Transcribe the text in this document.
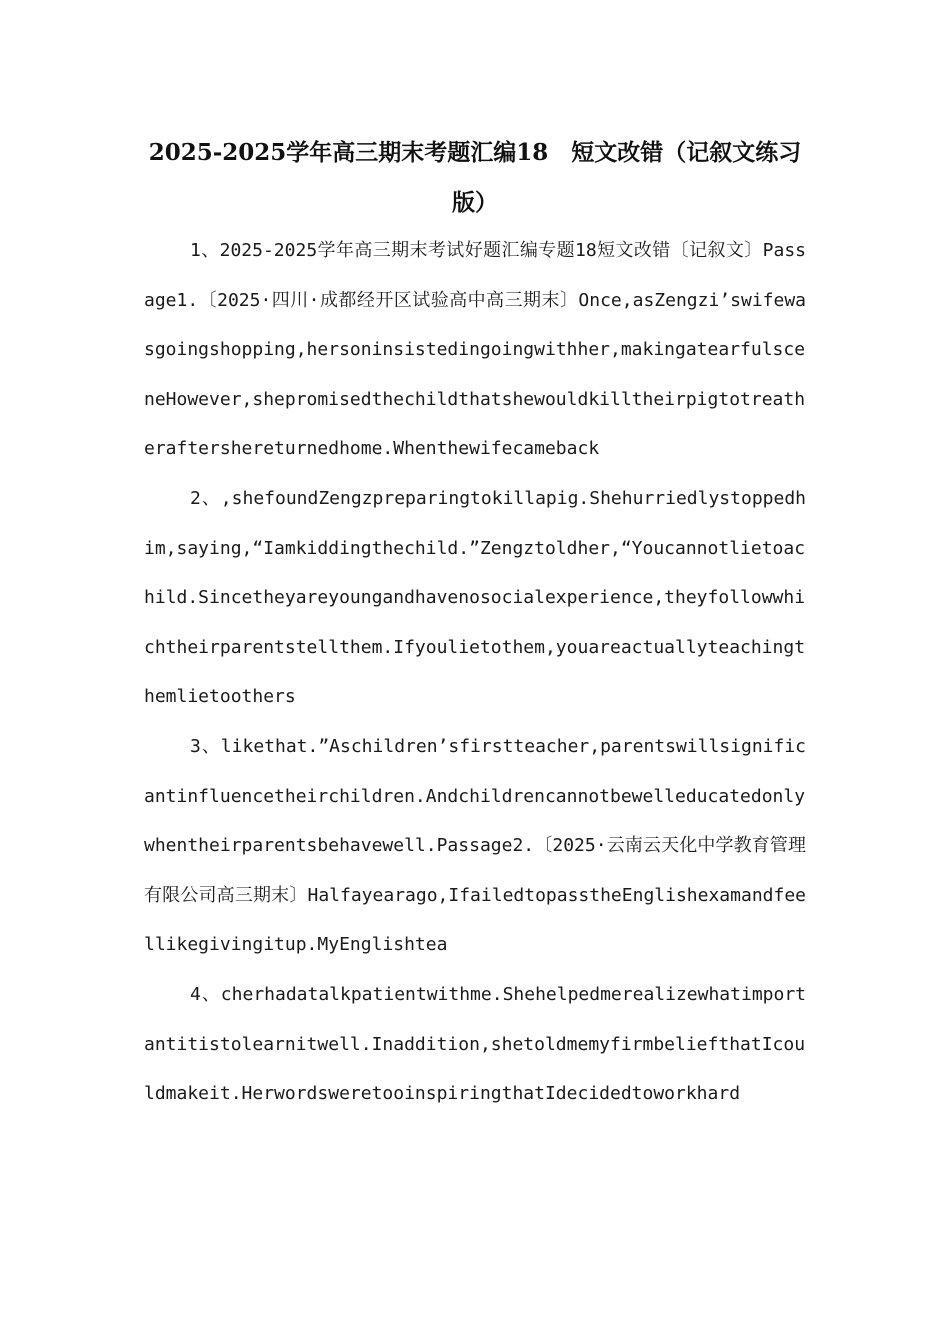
2025-2025学年高三期末考题汇编18　短文改错（记叙文练习版）

1、2025-2025学年高三期末考试好题汇编专题18短文改错〔记叙文〕Passage1.〔2025·四川·成都经开区试验高中高三期末〕Once,asZengzi’swifewasgoingshopping,hersoninsistedingoingwithher,makingatearfulsceneHowever,shepromisedthechildthatshewouldkilltheirpigtotreatheraftershereturnedhome.Whenthewifecameback

2、,shefoundZengzpreparingtokillapig.Shehurriedlystoppedhim,saying,“Iamkiddingthechild.”Zengztoldher,“Youcannotlietoachild.Sincetheyareyoungandhavenosocialexperience,theyfollowwhichtheirparentstellthem.Ifyoulietothem,youareactuallyteachingthemlietoothers

3、likethat.”Aschildren’sfirstteacher,parentswillsignificantinfluencetheirchildren.Andchildrencannotbewelleducatedonlywhentheirparentsbehavewell.Passage2.〔2025·云南云天化中学教育管理有限公司高三期末〕Halfayearago,IfailedtopasstheEnglishexamandfeellikegivingitup.MyEnglishtea

4、cherhadatalkpatientwithme.Shehelpedmerealizewhatimportantitistolearnitwell.Inaddition,shetoldmemyfirmbeliefthatIcouldmakeit.HerwordsweretooinspiringthatIdecidedtoworkhard
